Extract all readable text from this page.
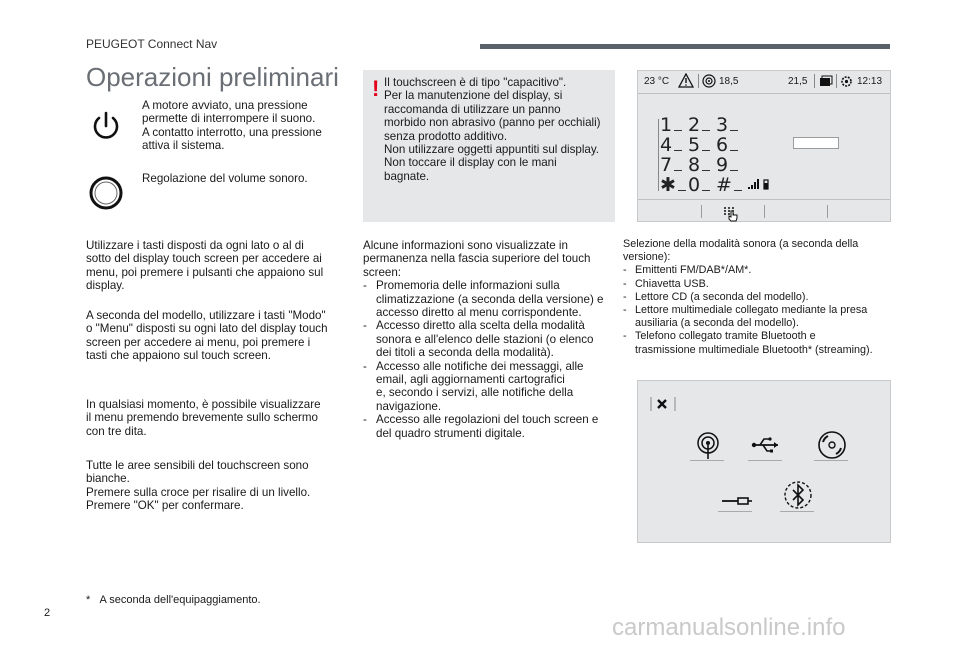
PEUGEOT Connect Nav
Operazioni preliminari
A motore avviato, una pressione
permette di interrompere il suono.
A contatto interrotto, una pressione
attiva il sistema.
Regolazione del volume sonoro.
Utilizzare i tasti disposti da ogni lato o al di
sotto del display touch screen per accedere ai
menu, poi premere i pulsanti che appaiono sul
display.
A seconda del modello, utilizzare i tasti "Modo"
o "Menu" disposti su ogni lato del display touch
screen per accedere ai menu, poi premere i
tasti che appaiono sul touch screen.
In qualsiasi momento, è possibile visualizzare
il menu premendo brevemente sullo schermo
con tre dita.
Tutte le aree sensibili del touchscreen sono
bianche.
Premere sulla croce per risalire di un livello.
Premere "OK" per confermare.
* A seconda dell'equipaggiamento.
! Il touchscreen è di tipo "capacitivo".
Per la manutenzione del display, si
raccomanda di utilizzare un panno
morbido non abrasivo (panno per occhiali)
senza prodotto additivo.
Non utilizzare oggetti appuntiti sul display.
Non toccare il display con le mani
bagnate.
Alcune informazioni sono visualizzate in
permanenza nella fascia superiore del touch
screen:
- Promemoria delle informazioni sulla
climatizzazione (a seconda della versione) e
accesso diretto al menu corrispondente.
- Accesso diretto alla scelta della modalità
sonora e all'elenco delle stazioni (o elenco
dei titoli a seconda della modalità).
- Accesso alle notifiche dei messaggi, alle
email, agli aggiornamenti cartografici
e, secondo i servizi, alle notifiche della
navigazione.
- Accesso alle regolazioni del touch screen e
del quadro strumenti digitale.
23 °C	18,5	21,5	12:13
1 2 3
4 5 6
7 8 9
✱ 0 #
Selezione della modalità sonora (a seconda della
versione):
- Emittenti FM/DAB*/AM*.
- Chiavetta USB.
- Lettore CD (a seconda del modello).
- Lettore multimediale collegato mediante la presa
ausiliaria (a seconda del modello).
- Telefono collegato tramite Bluetooth e
trasmissione multimediale Bluetooth* (streaming).
2
carmanualsonline.info
